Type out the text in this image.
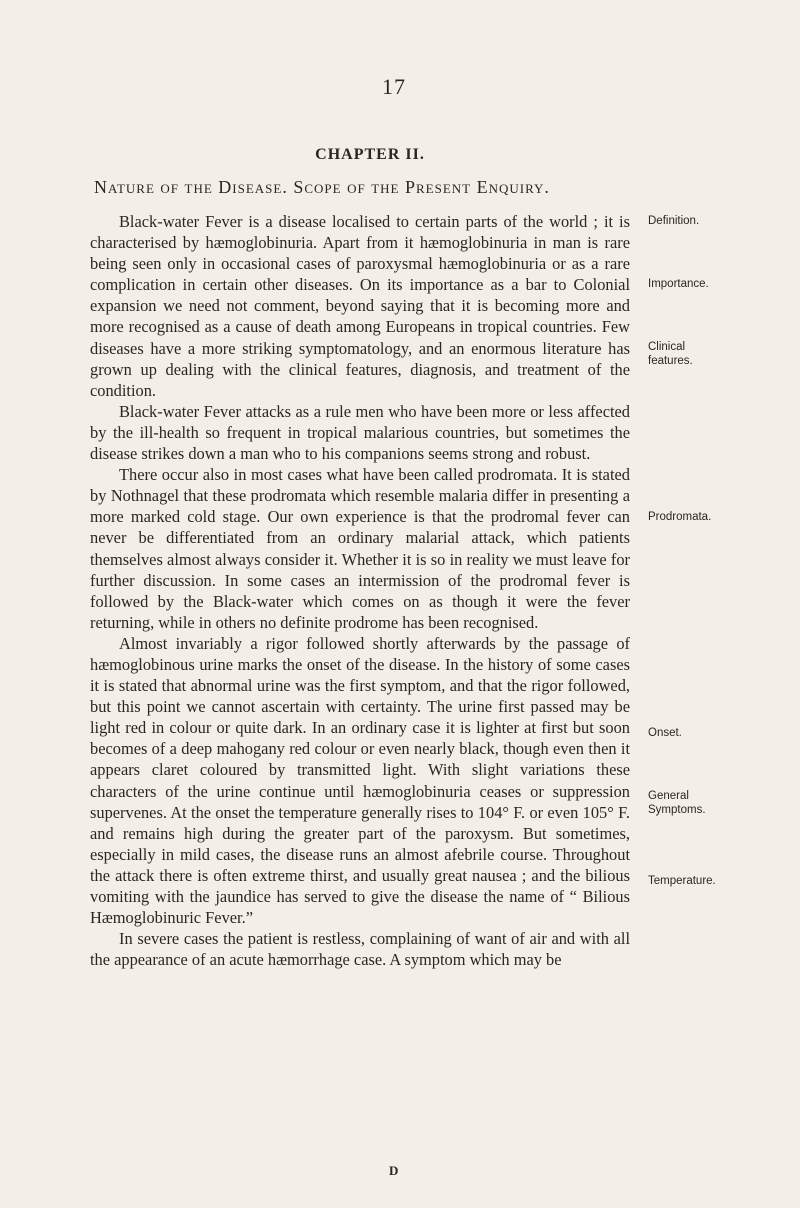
17
CHAPTER II.
Nature of the Disease. Scope of the Present Enquiry.

Black-water Fever is a disease localised to certain parts of the world ; it is characterised by hæmoglobinuria. Apart from it hæmoglobinuria in man is rare being seen only in occasional cases of paroxysmal hæmoglobinuria or as a rare complication in certain other diseases. On its importance as a bar to Colonial expansion we need not comment, beyond saying that it is becoming more and more recognised as a cause of death among Europeans in tropical countries. Few diseases have a more striking symptomatology, and an enormous literature has grown up dealing with the clinical features, diagnosis, and treatment of the condition.

Black-water Fever attacks as a rule men who have been more or less affected by the ill-health so frequent in tropical malarious countries, but sometimes the disease strikes down a man who to his companions seems strong and robust.

There occur also in most cases what have been called prodromata. It is stated by Nothnagel that these prodromata which resemble malaria differ in presenting a more marked cold stage. Our own experience is that the prodromal fever can never be differentiated from an ordinary malarial attack, which patients themselves almost always consider it. Whether it is so in reality we must leave for further discussion. In some cases an intermission of the prodromal fever is followed by the Black-water which comes on as though it were the fever returning, while in others no definite prodrome has been recognised.

Almost invariably a rigor followed shortly afterwards by the passage of hæmoglobinous urine marks the onset of the disease. In the history of some cases it is stated that abnormal urine was the first symptom, and that the rigor followed, but this point we cannot ascertain with certainty. The urine first passed may be light red in colour or quite dark. In an ordinary case it is lighter at first but soon becomes of a deep mahogany red colour or even nearly black, though even then it appears claret coloured by transmitted light. With slight variations these characters of the urine continue until hæmoglobinuria ceases or suppression supervenes. At the onset the temperature generally rises to 104° F. or even 105° F. and remains high during the greater part of the paroxysm. But sometimes, especially in mild cases, the disease runs an almost afebrile course. Throughout the attack there is often extreme thirst, and usually great nausea ; and the bilious vomiting with the jaundice has served to give the disease the name of “ Bilious Hæmoglobinuric Fever.”

In severe cases the patient is restless, complaining of want of air and with all the appearance of an acute hæmorrhage case. A symptom which may be

Definition.
Importance.
Clinical
features.
Prodromata.
Onset.
General
Symptoms.
Temperature.
D
